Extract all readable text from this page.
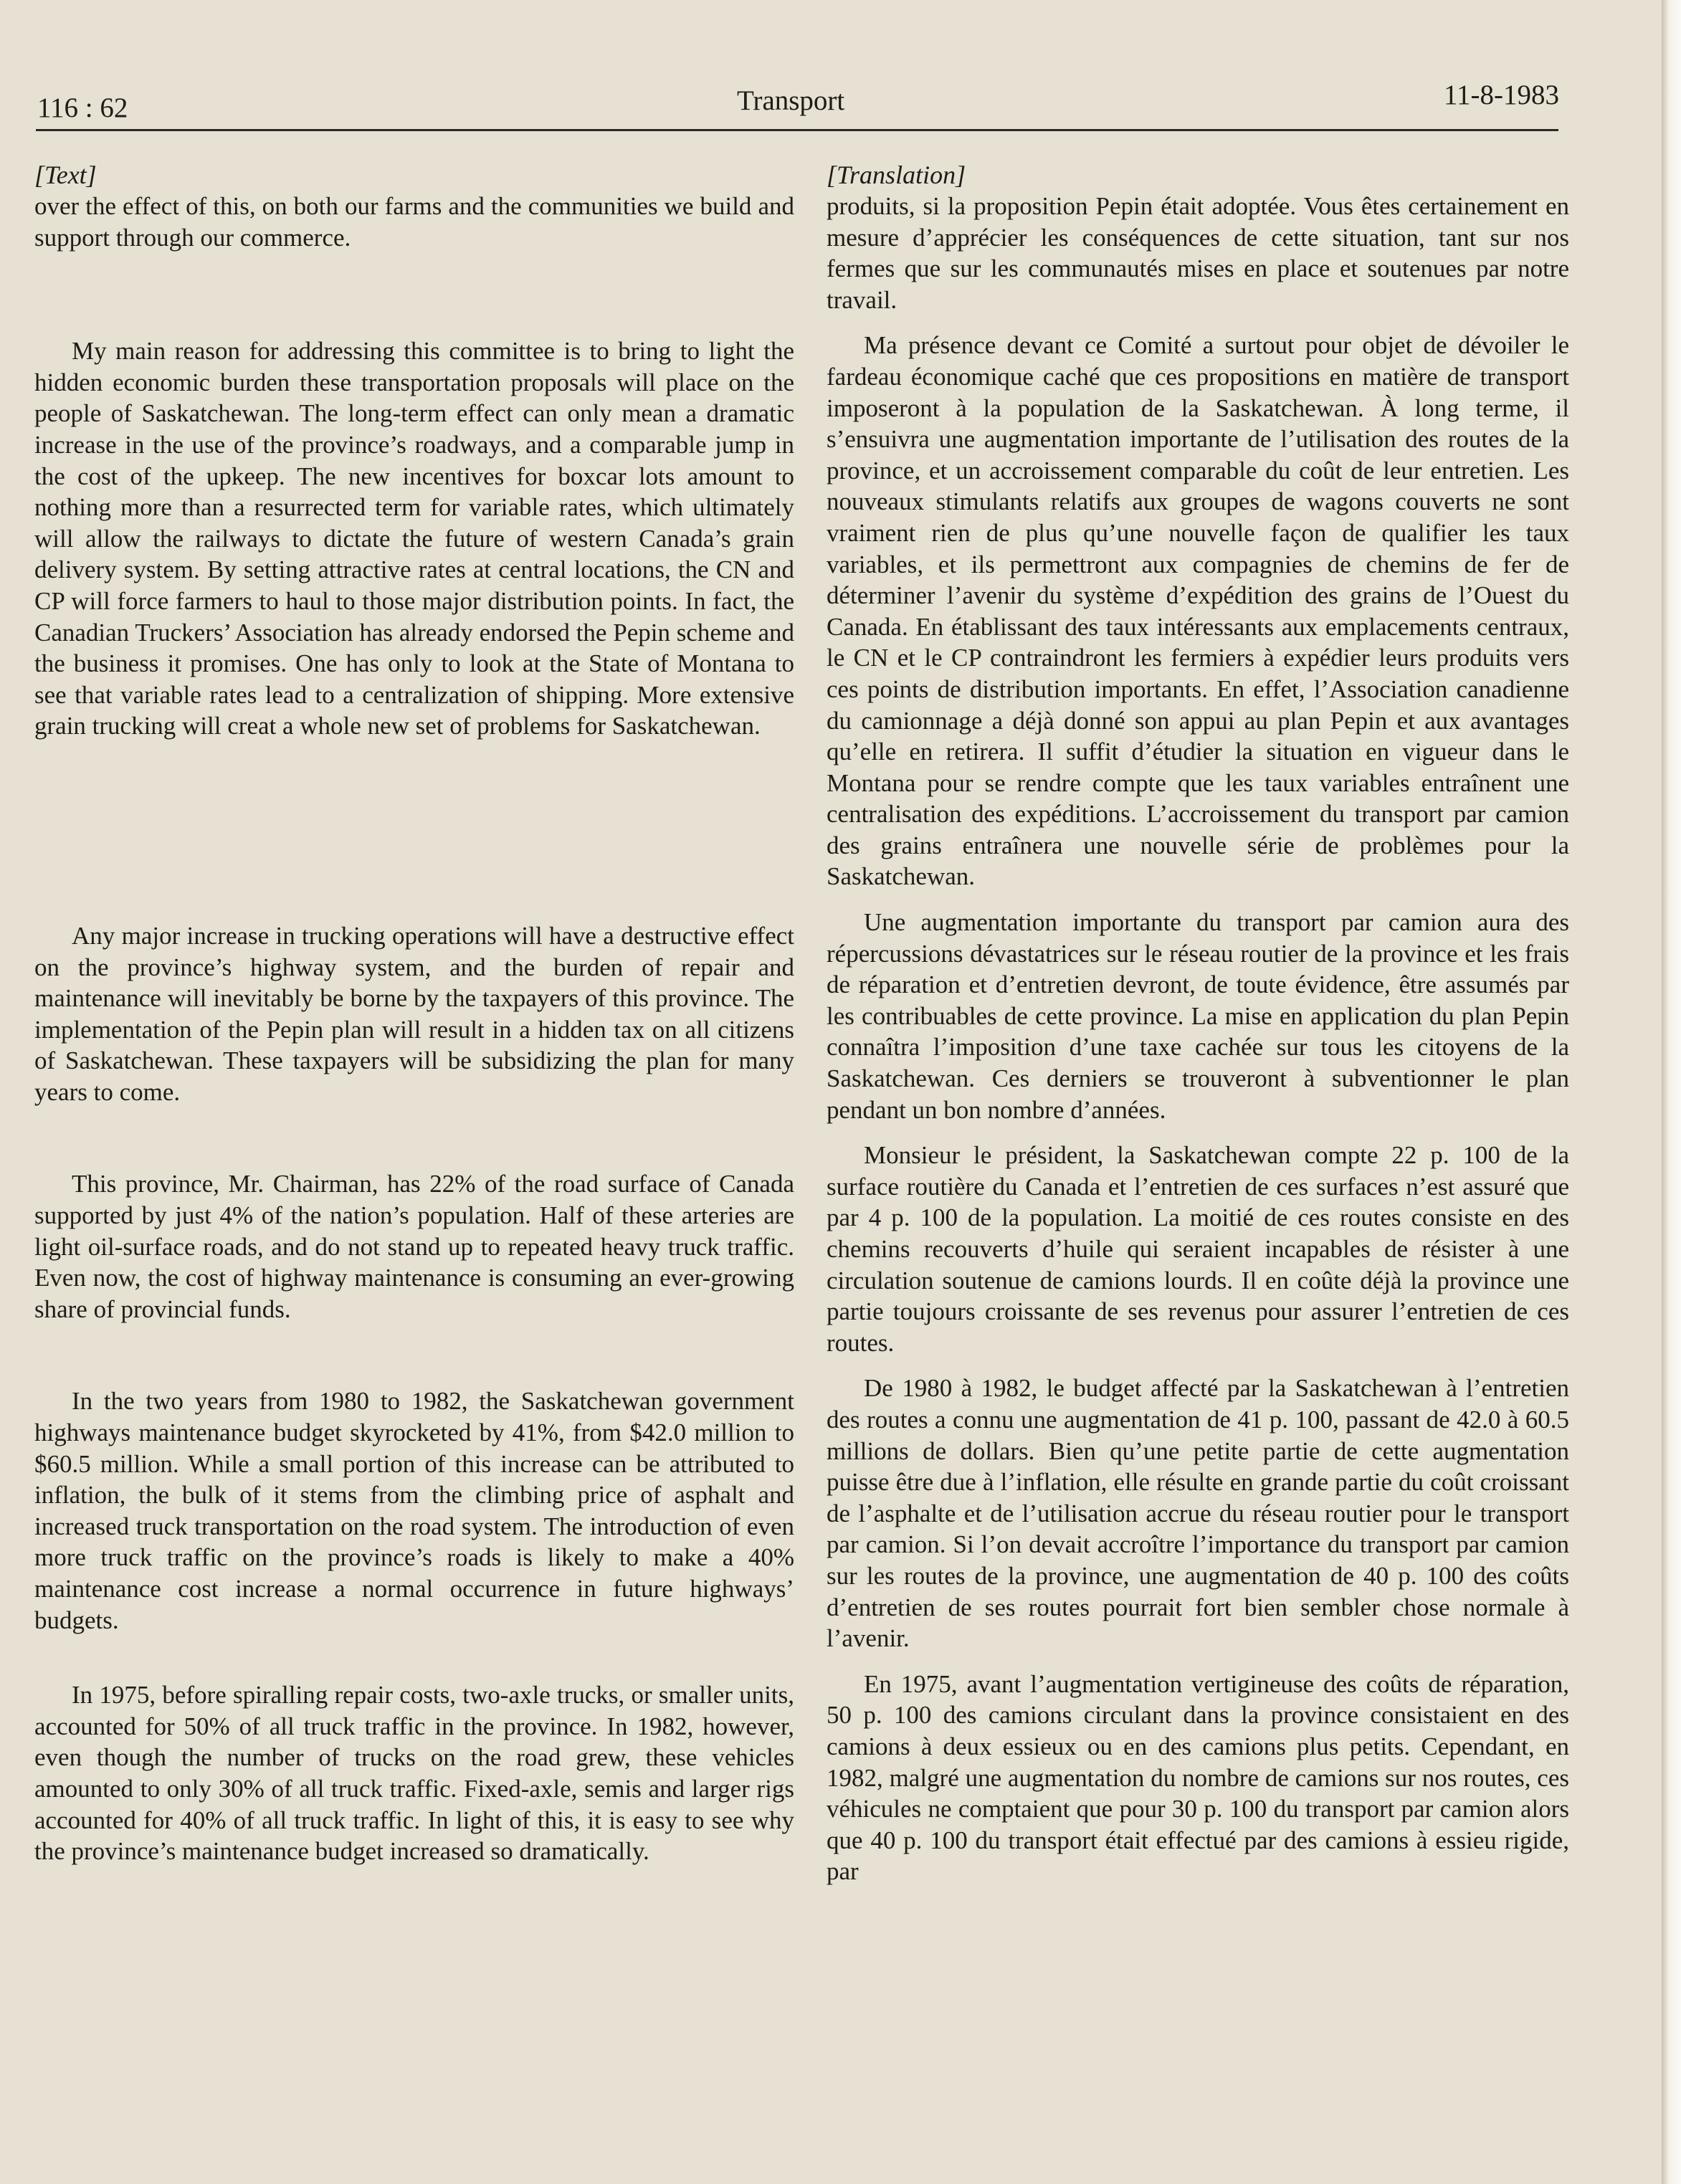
116 : 62	Transport	11-8-1983
[Text]

over the effect of this, on both our farms and the communities we build and support through our commerce.

My main reason for addressing this committee is to bring to light the hidden economic burden these transportation proposals will place on the people of Saskatchewan. The long-term effect can only mean a dramatic increase in the use of the province’s roadways, and a comparable jump in the cost of the upkeep. The new incentives for boxcar lots amount to nothing more than a resurrected term for variable rates, which ultimately will allow the railways to dictate the future of western Canada’s grain delivery system. By setting attractive rates at central locations, the CN and CP will force farmers to haul to those major distribution points. In fact, the Canadian Truckers’ Association has already endorsed the Pepin scheme and the business it promises. One has only to look at the State of Montana to see that variable rates lead to a centralization of shipping. More extensive grain trucking will creat a whole new set of problems for Saskatchewan.

Any major increase in trucking operations will have a destructive effect on the province’s highway system, and the burden of repair and maintenance will inevitably be borne by the taxpayers of this province. The implementation of the Pepin plan will result in a hidden tax on all citizens of Saskatchewan. These taxpayers will be subsidizing the plan for many years to come.

This province, Mr. Chairman, has 22% of the road surface of Canada supported by just 4% of the nation’s population. Half of these arteries are light oil-surface roads, and do not stand up to repeated heavy truck traffic. Even now, the cost of highway maintenance is consuming an ever-growing share of provincial funds.

In the two years from 1980 to 1982, the Saskatchewan government highways maintenance budget skyrocketed by 41%, from $42.0 million to $60.5 million. While a small portion of this increase can be attributed to inflation, the bulk of it stems from the climbing price of asphalt and increased truck transportation on the road system. The introduction of even more truck traffic on the province’s roads is likely to make a 40% maintenance cost increase a normal occurrence in future highways’ budgets.

In 1975, before spiralling repair costs, two-axle trucks, or smaller units, accounted for 50% of all truck traffic in the province. In 1982, however, even though the number of trucks on the road grew, these vehicles amounted to only 30% of all truck traffic. Fixed-axle, semis and larger rigs accounted for 40% of all truck traffic. In light of this, it is easy to see why the province’s maintenance budget increased so dramatically.

[Translation]

produits, si la proposition Pepin était adoptée. Vous êtes certainement en mesure d’apprécier les conséquences de cette situation, tant sur nos fermes que sur les communautés mises en place et soutenues par notre travail.

Ma présence devant ce Comité a surtout pour objet de dévoiler le fardeau économique caché que ces propositions en matière de transport imposeront à la population de la Saskatchewan. À long terme, il s’ensuivra une augmentation importante de l’utilisation des routes de la province, et un accroissement comparable du coût de leur entretien. Les nouveaux stimulants relatifs aux groupes de wagons couverts ne sont vraiment rien de plus qu’une nouvelle façon de qualifier les taux variables, et ils permettront aux compagnies de chemins de fer de déterminer l’avenir du système d’expédition des grains de l’Ouest du Canada. En établissant des taux intéressants aux emplacements centraux, le CN et le CP contraindront les fermiers à expédier leurs produits vers ces points de distribution importants. En effet, l’Association canadienne du camionnage a déjà donné son appui au plan Pepin et aux avantages qu’elle en retirera. Il suffit d’étudier la situation en vigueur dans le Montana pour se rendre compte que les taux variables entraînent une centralisation des expéditions. L’accroissement du transport par camion des grains entraînera une nouvelle série de problèmes pour la Saskatchewan.

Une augmentation importante du transport par camion aura des répercussions dévastatrices sur le réseau routier de la province et les frais de réparation et d’entretien devront, de toute évidence, être assumés par les contribuables de cette province. La mise en application du plan Pepin connaîtra l’imposition d’une taxe cachée sur tous les citoyens de la Saskatchewan. Ces derniers se trouveront à subventionner le plan pendant un bon nombre d’années.

Monsieur le président, la Saskatchewan compte 22 p. 100 de la surface routière du Canada et l’entretien de ces surfaces n’est assuré que par 4 p. 100 de la population. La moitié de ces routes consiste en des chemins recouverts d’huile qui seraient incapables de résister à une circulation soutenue de camions lourds. Il en coûte déjà la province une partie toujours croissante de ses revenus pour assurer l’entretien de ces routes.

De 1980 à 1982, le budget affecté par la Saskatchewan à l’entretien des routes a connu une augmentation de 41 p. 100, passant de 42.0 à 60.5 millions de dollars. Bien qu’une petite partie de cette augmentation puisse être due à l’inflation, elle résulte en grande partie du coût croissant de l’asphalte et de l’utilisation accrue du réseau routier pour le transport par camion. Si l’on devait accroître l’importance du transport par camion sur les routes de la province, une augmentation de 40 p. 100 des coûts d’entretien de ses routes pourrait fort bien sembler chose normale à l’avenir.

En 1975, avant l’augmentation vertigineuse des coûts de réparation, 50 p. 100 des camions circulant dans la province consistaient en des camions à deux essieux ou en des camions plus petits. Cependant, en 1982, malgré une augmentation du nombre de camions sur nos routes, ces véhicules ne comptaient que pour 30 p. 100 du transport par camion alors que 40 p. 100 du transport était effectué par des camions à essieu rigide, par
